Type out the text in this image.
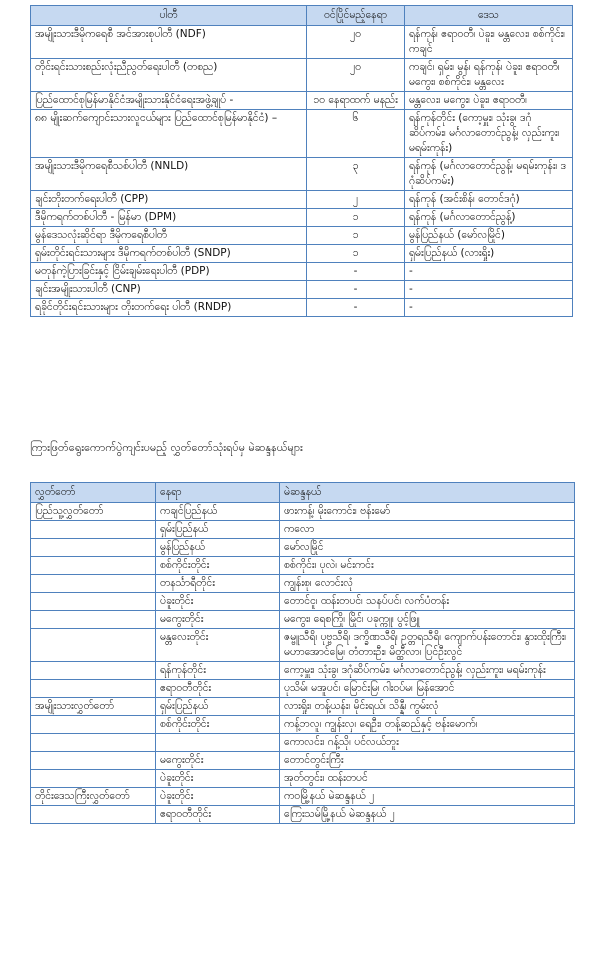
ပါတီ	ဝင်ပြိုင်မည့်နေရာ	ဒေသ
အမျိုးသားဒီမိုကရေစီ အင်အားစုပါတီ (NDF)	၂၀	ရန်ကုန်၊ ဧရာဝတီ၊ ပဲခူး၊ မန္တလေး၊ စစ်ကိုင်း၊ ကချင်
တိုင်းရင်းသားစည်းလုံးညီညွတ်ရေးပါတီ (တစည)	၂၀	ကချင်၊ ရှမ်း၊ မွန်၊ ရန်ကုန်၊ ပဲခူး၊ ဧရာဝတီ၊ မကွေး၊ စစ်ကိုင်း၊ မန္တလေး
ပြည်ထောင်စုမြန်မာနိုင်ငံအမျိုးသားနိုင်ငံရေးအဖွဲ့ချုပ် -	၁၀ နေရာထက် မနည်း	မန္တလေး၊ မကွေး၊ ပဲခူး၊ ဧရာဝတီ၊
၈၈ မျိုးဆက်ကျောင်းသားလူငယ်များ ပြည်ထောင်စုမြန်မာနိုင်ငံ) –	၆	ရန်ကုန်တိုင်း (ကော့မှူး၊ သုံးခွ၊ ဒဂုံဆိပ်ကမ်း၊ မင်္ဂလာတောင်ညွန့်၊ လှည်းကူး၊ မရမ်းကုန်း)
အမျိုးသားဒီမိုကရေစီသစ်ပါတီ (NNLD)	၃	ရန်ကုန် (မင်္ဂလာတောင်ညွန့်၊ မရမ်းကုန်း၊ ဒဂုံဆိပ်ကမ်း)
ချင်းတိုးတက်ရေးပါတီ (CPP)	၂	ရန်ကုန် (အင်းစိန်၊ တောင်ဒဂုံ)
ဒီမိုကရက်တစ်ပါတီ - မြန်မာ (DPM)	၁	ရန်ကုန် (မင်္ဂလာတောင်ညွန့်)
မွန်ဒေသလုံးဆိုင်ရာ ဒီမိုကရေစီပါတီ	၁	မွန်ပြည်နယ် (မော်လမြိုင်)
ရှမ်းတိုင်းရင်းသားများ ဒီမိုကရက်တစ်ပါတီ (SNDP)	၁	ရှမ်းပြည်နယ် (လားရှိုး)
မတုန်ကဲ့ပြားခြင်းနှင့် ငြိမ်းချမ်းရေးပါတီ (PDP)	-	-
ချင်းအမျိုးသားပါတီ (CNP)	-	-
ရခိုင်တိုင်းရင်းသားများ တိုးတက်ရေး ပါတီ (RNDP)	-	-
ကြားဖြတ်ရွေးကောက်ပွဲကျင်းပမည့် လွှတ်တော်သုံးရပ်မှ မဲဆန္ဒနယ်များ
လွှတ်တော်	နေရာ	မဲဆန္ဒနယ်
ပြည်သူ့လွှတ်တော်	ကချင်ပြည်နယ်	ဖားကန့်၊ မိုးကောင်း၊ ဗန်းမော်
	ရှမ်းပြည်နယ်	ကလော
	မွန်ပြည်နယ်	မော်လမြိုင်
	စစ်ကိုင်းတိုင်း	စစ်ကိုင်း၊ ပုလဲ၊ မင်းကင်း
	တနင်္သာရီတိုင်း	ကျွန်းစု၊ လောင်းလုံ
	ပဲခူးတိုင်း	တောင်ငူ၊ ထန်းတပင်၊ သနပ်ပင်၊ လက်ပံတန်း
	မကွေးတိုင်း	မကွေး၊ ရေစကြို၊ မြိုင်၊ ပခုက္ကူ၊ ပွင့်ဖြူ
	မန္တလေးတိုင်း	ဇမ္ဗူသီရိ၊ ပုဗ္ဗသီရိ၊ ဒက္ခိဏသီရိ၊ ဥတ္တရသီရိ၊ ကျောက်ပန်းတောင်း၊ နွားထိုးကြီး၊ မဟာအောင်မြေ၊ တံတားဦး၊ မိတ္ထီလာ၊ ပြင်ဦးလွင်
	ရန်ကုန်တိုင်း	ကော့မှူး၊ သုံးခွ၊ ဒဂုံဆိပ်ကမ်း၊ မင်္ဂလာတောင်ညွန့်၊ လှည်းကူး၊ မရမ်းကုန်း
	ဧရာဝတီတိုင်း	ပုသိမ်၊ မအူပင်၊ မြောင်းမြ၊ ဂါးဝပ်မ၊ မြန်အောင်
အမျိုးသားလွှတ်တော်	ရှမ်းပြည်နယ်	လားရှိုး၊ တန့်ယန်း၊ မိုင်းရယ်၊ သိန္နီ၊ ကွမ်းလုံ
	စစ်ကိုင်းတိုင်း	ကန့်ဘလူ၊ ကျွန်းလှ၊ ရေဦး၊ တန့်ဆည်နှင့် ဗန်းမောက်၊
		ကောလင်း၊ ဂန့်သို၊ ပင်လယ်ဘူး
	မကွေးတိုင်း	တောင်တွင်းကြီး
	ပဲခူးတိုင်း	အုတ်တွင်း၊ ထန်းတပင်
တိုင်းဒေသကြီးလွှတ်တော်	ပဲခူးတိုင်း	ကဝမြို့နယ် မဲဆန္ဒနယ် ၂
	ဧရာဝတီတိုင်း	ကြေးသမ်မြို့နယ် မဲဆန္ဒနယ် ၂
